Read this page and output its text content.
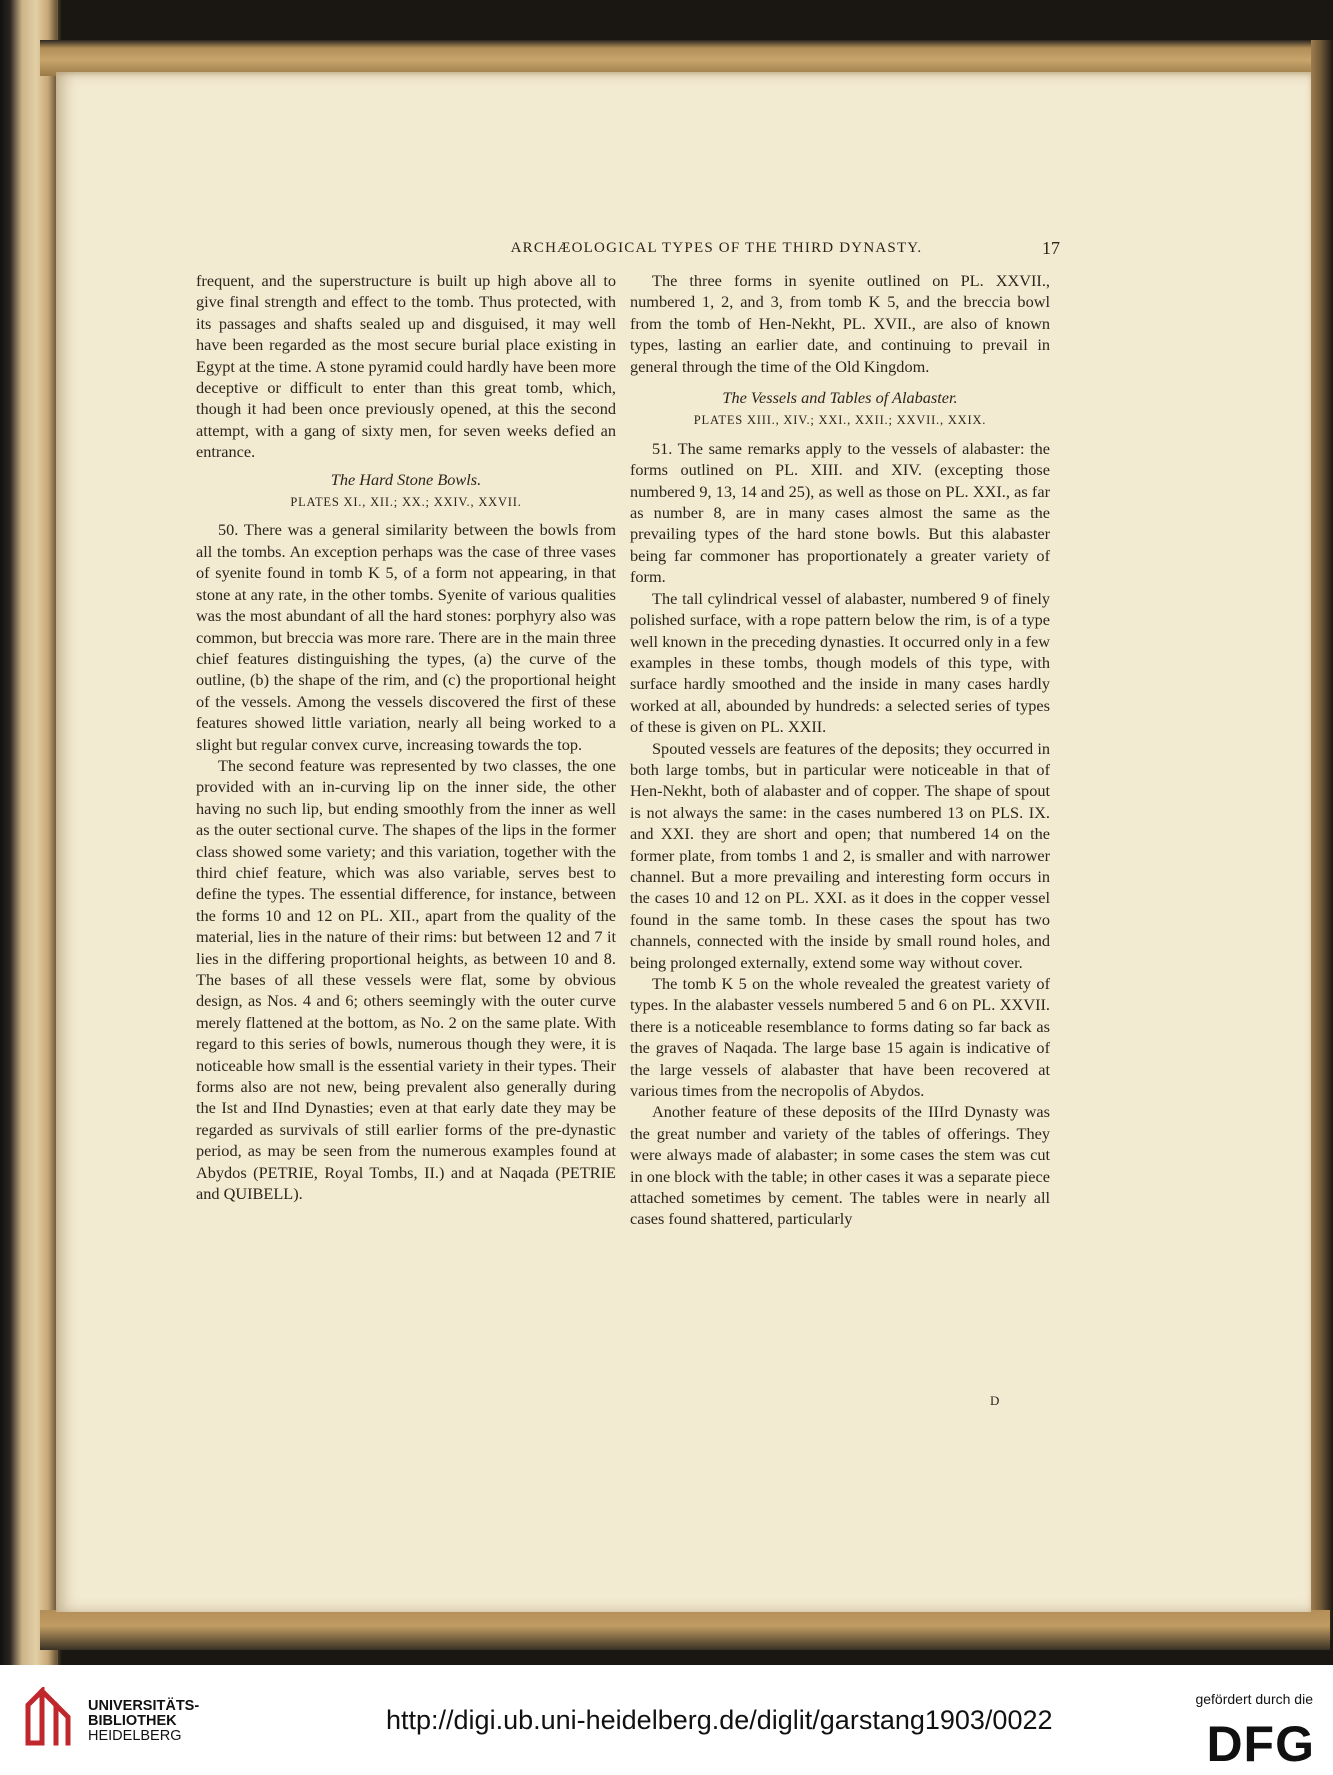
ARCHÆOLOGICAL TYPES OF THE THIRD DYNASTY.	17

frequent, and the superstructure is built up high above all to give final strength and effect to the tomb. Thus protected, with its passages and shafts sealed up and disguised, it may well have been regarded as the most secure burial place existing in Egypt at the time. A stone pyramid could hardly have been more deceptive or difficult to enter than this great tomb, which, though it had been once previously opened, at this the second attempt, with a gang of sixty men, for seven weeks defied an entrance.

The Hard Stone Bowls.
PLATES XI., XII.; XX.; XXIV., XXVII.

50. There was a general similarity between the bowls from all the tombs. An exception perhaps was the case of three vases of syenite found in tomb K 5, of a form not appearing, in that stone at any rate, in the other tombs. Syenite of various qualities was the most abundant of all the hard stones: porphyry also was common, but breccia was more rare. There are in the main three chief features distinguishing the types, (a) the curve of the outline, (b) the shape of the rim, and (c) the proportional height of the vessels. Among the vessels discovered the first of these features showed little variation, nearly all being worked to a slight but regular convex curve, increasing towards the top.

The second feature was represented by two classes, the one provided with an in-curving lip on the inner side, the other having no such lip, but ending smoothly from the inner as well as the outer sectional curve. The shapes of the lips in the former class showed some variety; and this variation, together with the third chief feature, which was also variable, serves best to define the types. The essential difference, for instance, between the forms 10 and 12 on PL. XII., apart from the quality of the material, lies in the nature of their rims: but between 12 and 7 it lies in the differing proportional heights, as between 10 and 8. The bases of all these vessels were flat, some by obvious design, as Nos. 4 and 6; others seemingly with the outer curve merely flattened at the bottom, as No. 2 on the same plate. With regard to this series of bowls, numerous though they were, it is noticeable how small is the essential variety in their types. Their forms also are not new, being prevalent also generally during the Ist and IInd Dynasties; even at that early date they may be regarded as survivals of still earlier forms of the pre-dynastic period, as may be seen from the numerous examples found at Abydos (PETRIE, Royal Tombs, II.) and at Naqada (PETRIE and QUIBELL).

The three forms in syenite outlined on PL. XXVII., numbered 1, 2, and 3, from tomb K 5, and the breccia bowl from the tomb of Hen-Nekht, PL. XVII., are also of known types, lasting an earlier date, and continuing to prevail in general through the time of the Old Kingdom.

The Vessels and Tables of Alabaster.
PLATES XIII., XIV.; XXI., XXII.; XXVII., XXIX.

51. The same remarks apply to the vessels of alabaster: the forms outlined on PL. XIII. and XIV. (excepting those numbered 9, 13, 14 and 25), as well as those on PL. XXI., as far as number 8, are in many cases almost the same as the prevailing types of the hard stone bowls. But this alabaster being far commoner has proportionately a greater variety of form.

The tall cylindrical vessel of alabaster, numbered 9 of finely polished surface, with a rope pattern below the rim, is of a type well known in the preceding dynasties. It occurred only in a few examples in these tombs, though models of this type, with surface hardly smoothed and the inside in many cases hardly worked at all, abounded by hundreds: a selected series of types of these is given on PL. XXII.

Spouted vessels are features of the deposits; they occurred in both large tombs, but in particular were noticeable in that of Hen-Nekht, both of alabaster and of copper. The shape of spout is not always the same: in the cases numbered 13 on PLS. IX. and XXI. they are short and open; that numbered 14 on the former plate, from tombs 1 and 2, is smaller and with narrower channel. But a more prevailing and interesting form occurs in the cases 10 and 12 on PL. XXI. as it does in the copper vessel found in the same tomb. In these cases the spout has two channels, connected with the inside by small round holes, and being prolonged externally, extend some way without cover.

The tomb K 5 on the whole revealed the greatest variety of types. In the alabaster vessels numbered 5 and 6 on PL. XXVII. there is a noticeable resemblance to forms dating so far back as the graves of Naqada. The large base 15 again is indicative of the large vessels of alabaster that have been recovered at various times from the necropolis of Abydos.

Another feature of these deposits of the IIIrd Dynasty was the great number and variety of the tables of offerings. They were always made of alabaster; in some cases the stem was cut in one block with the table; in other cases it was a separate piece attached sometimes by cement. The tables were in nearly all cases found shattered, particularly

D
UNIVERSITÄTS-
BIBLIOTHEK
HEIDELBERG
http://digi.ub.uni-heidelberg.de/diglit/garstang1903/0022
gefördert durch die
DFG
